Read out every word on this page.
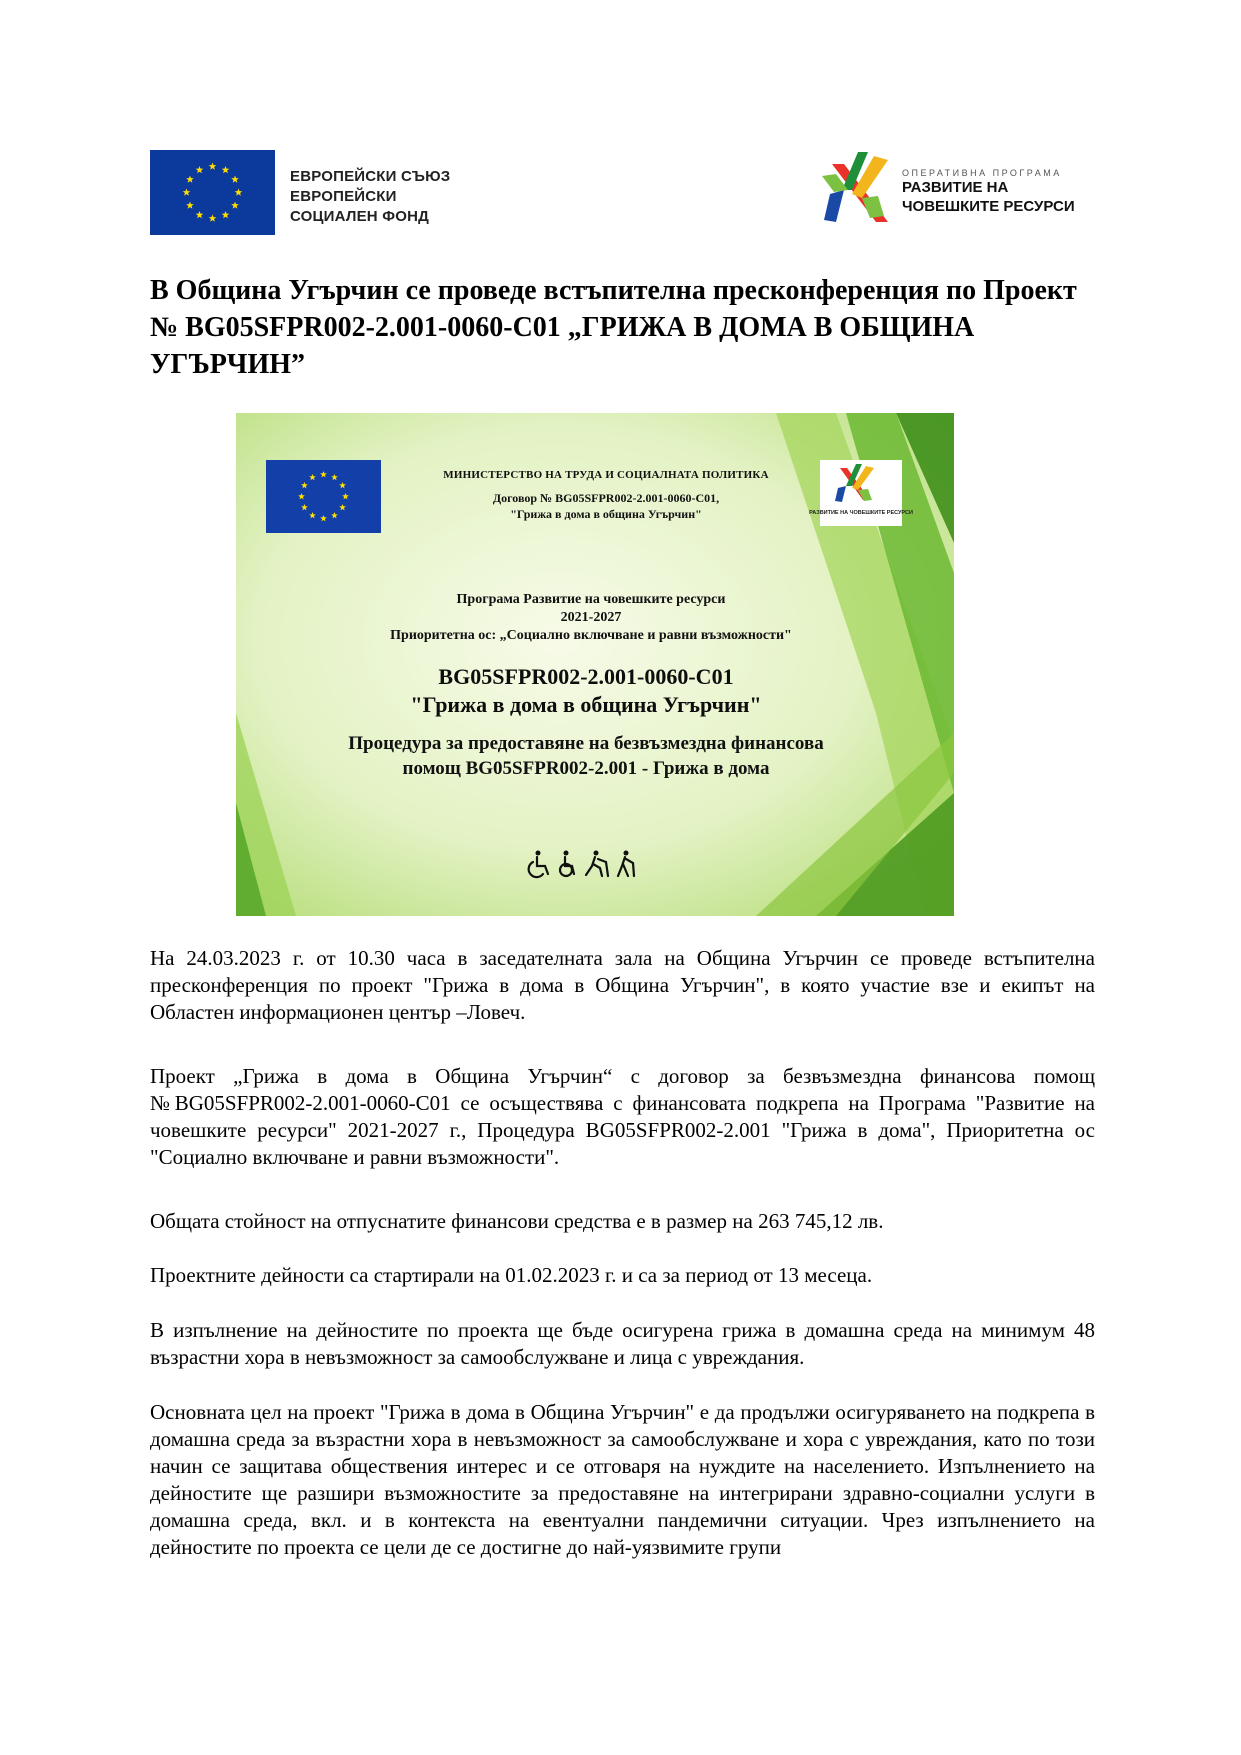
ЕВРОПЕЙСКИ СЪЮЗ
ЕВРОПЕЙСКИ
СОЦИАЛЕН ФОНД
ОПЕРАТИВНА ПРОГРАМА
РАЗВИТИЕ НА
ЧОВЕШКИТЕ РЕСУРСИ
В Община Угърчин се проведе встъпителна пресконференция по Проект № BG05SFPR002-2.001-0060-С01 „ГРИЖА В ДОМА В ОБЩИНА УГЪРЧИН”
МИНИСТЕРСТВО НА ТРУДА И СОЦИАЛНАТА ПОЛИТИКА
Договор № BG05SFPR002-2.001-0060-C01,
"Грижа в дома в община Угърчин"	РАЗВИТИЕ НА ЧОВЕШКИТЕ РЕСУРСИ
Програма Развитие на човешките ресурси
2021-2027
Приоритетна ос: „Социално включване и равни възможности"
BG05SFPR002-2.001-0060-C01
"Грижа в дома в община Угърчин"
Процедура за предоставяне на безвъзмездна финансова
помощ BG05SFPR002-2.001 - Грижа в дома
На 24.03.2023 г. от 10.30 часа в заседателната зала на Община Угърчин се проведе встъпителна пресконференция по проект "Грижа в дома в Община Угърчин", в която участие взе и екипът на Областен информационен център –Ловеч.
Проект „Грижа в дома в Община Угърчин“ с договор за безвъзмездна финансова помощ №BG05SFPR002-2.001-0060-С01 се осъществява с финансовата подкрепа на Програма "Развитие на човешките ресурси" 2021-2027 г., Процедура BG05SFPR002-2.001 "Грижа в дома", Приоритетна ос "Социално включване и равни възможности".
Общата стойност на отпуснатите финансови средства е в размер на 263 745,12 лв.
Проектните дейности са стартирали на 01.02.2023 г. и са за период от 13 месеца.
В изпълнение на дейностите по проекта ще бъде осигурена грижа в домашна среда на минимум 48 възрастни хора в невъзможност за самообслужване и лица с увреждания.
Основната цел на проект "Грижа в дома в Община Угърчин" е да продължи осигуряването на подкрепа в домашна среда за възрастни хора в невъзможност за самообслужване и хора с увреждания, като по този начин се защитава обществения интерес и се отговаря на нуждите на населението. Изпълнението на дейностите ще разшири възможностите за предоставяне на интегрирани здравно-социални услуги в домашна среда, вкл. и в контекста на евентуални пандемични ситуации. Чрез изпълнението на дейностите по проекта се цели де се достигне до най-уязвимите групи
